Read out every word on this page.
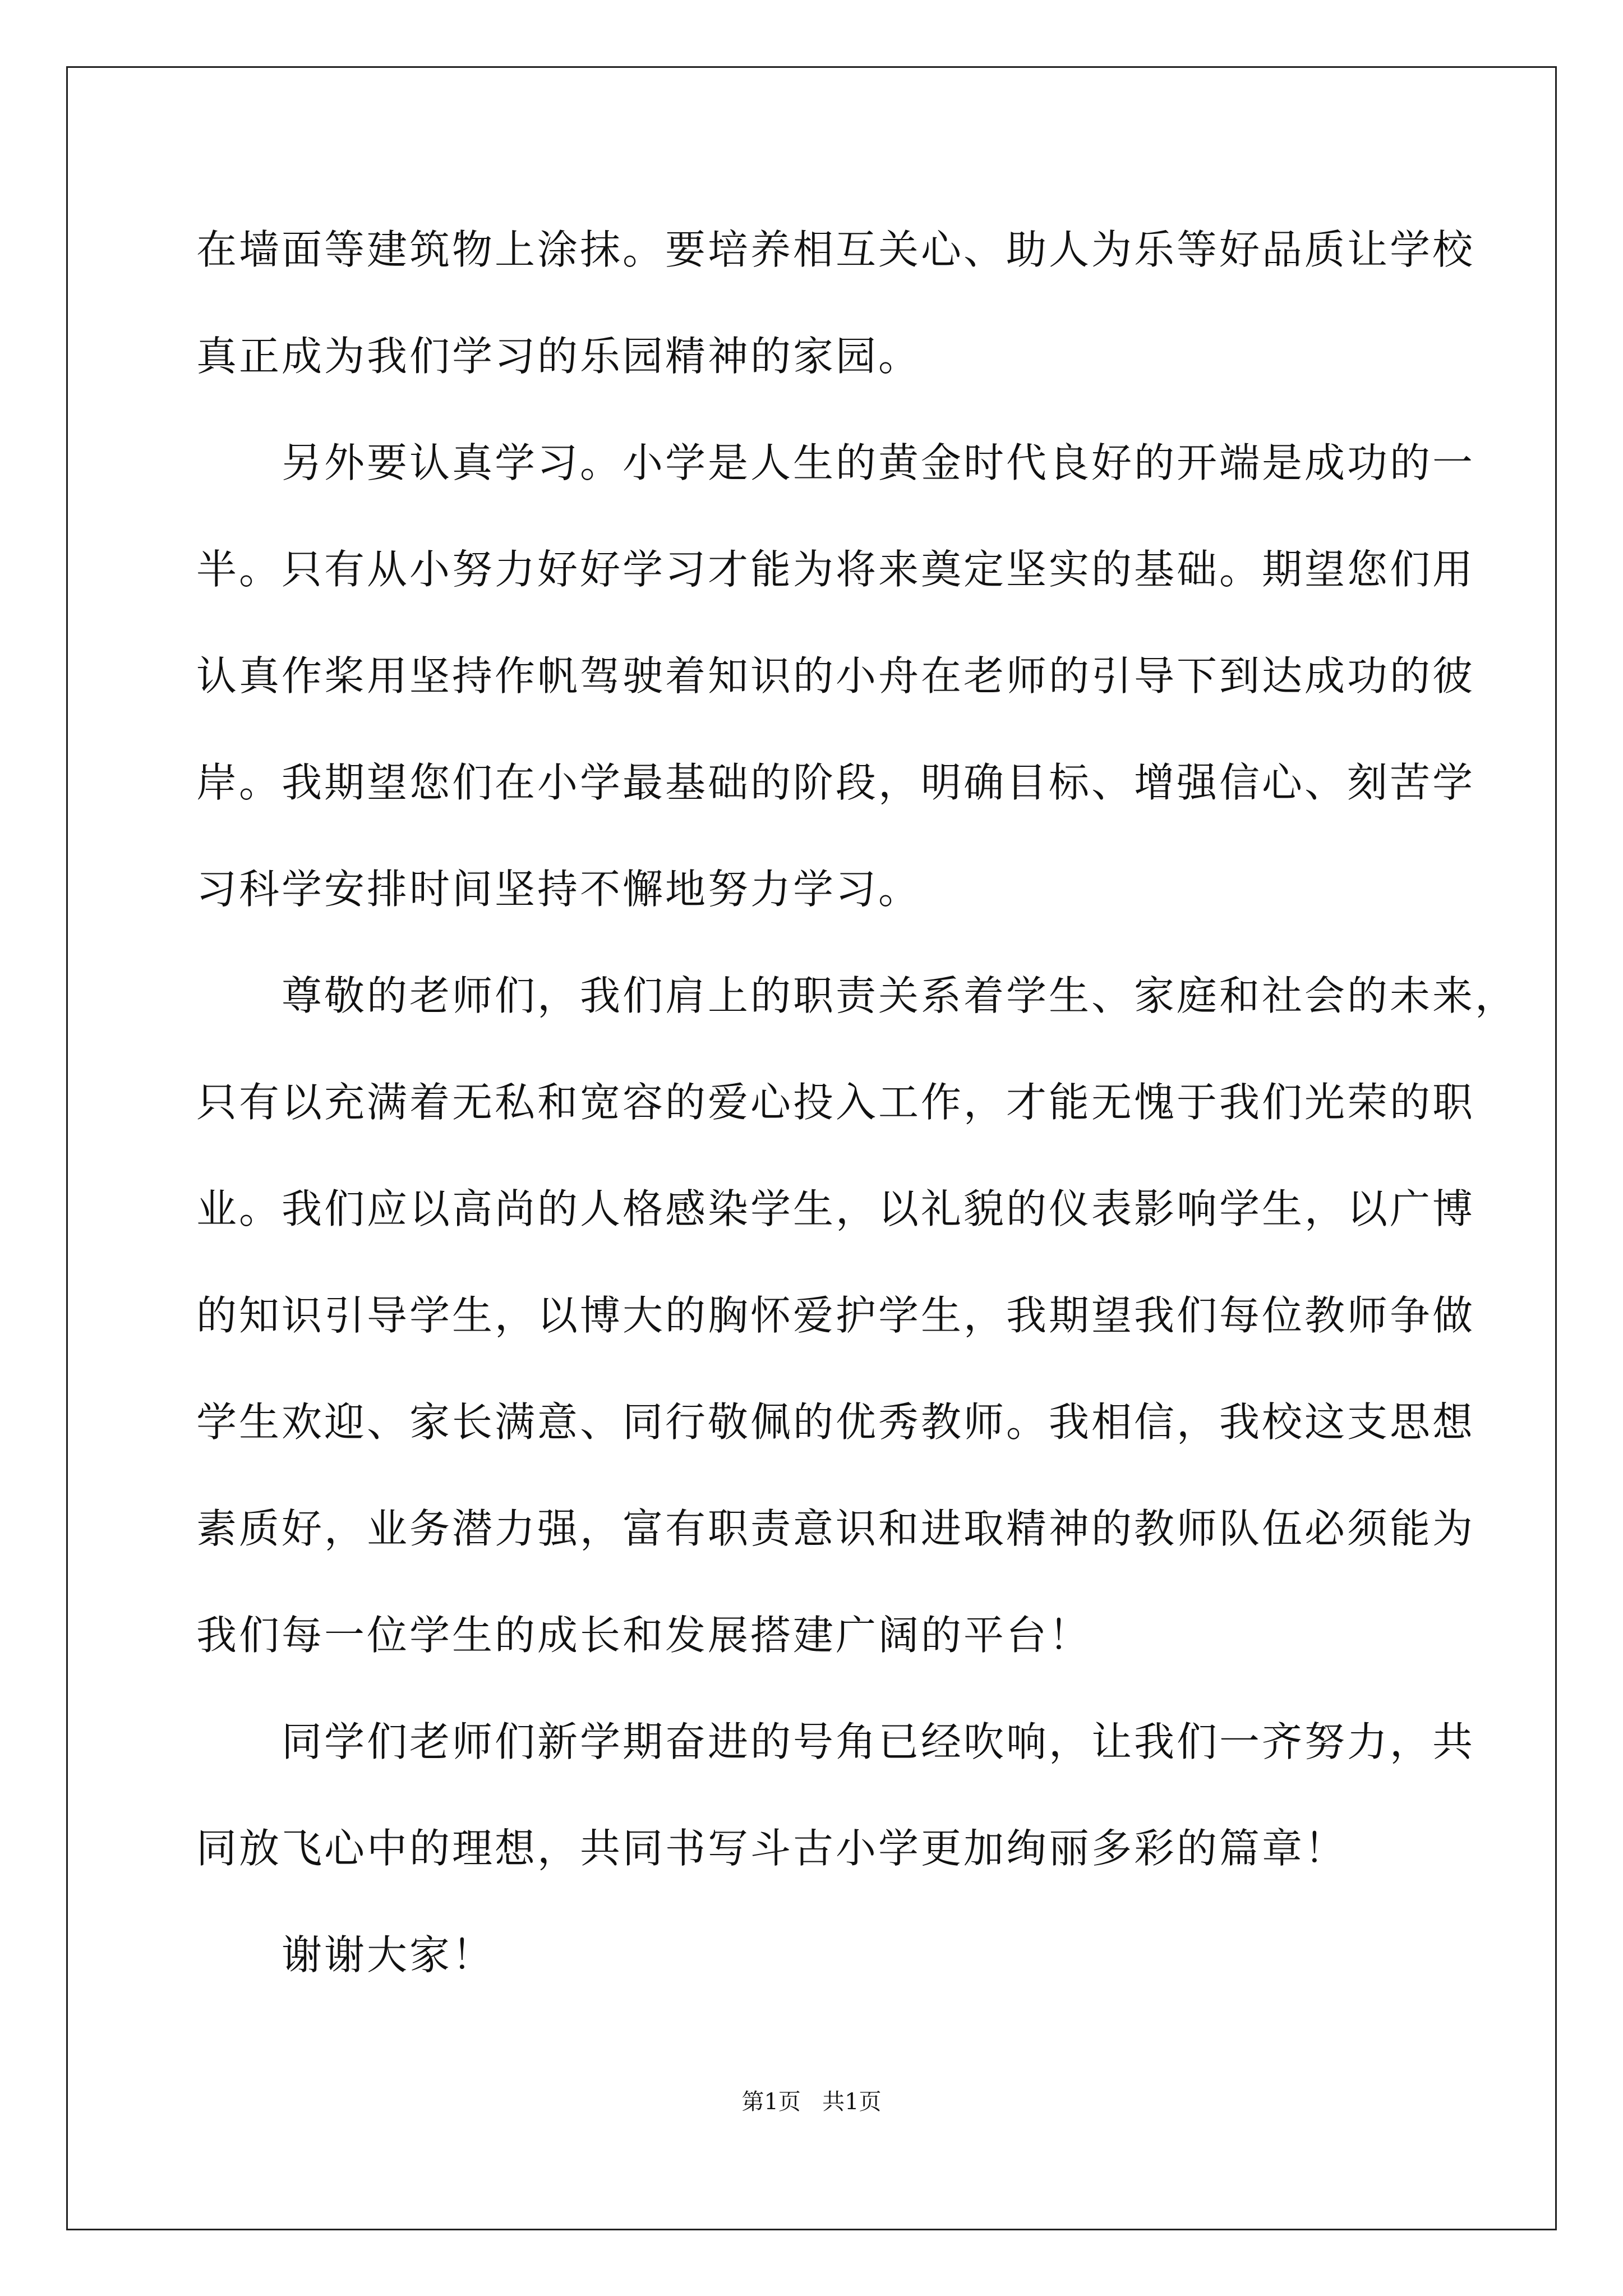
在墙面等建筑物上涂抹。要培养相互关心、助人为乐等好品质让学校
真正成为我们学习的乐园精神的家园。
另外要认真学习。小学是人生的黄金时代良好的开端是成功的一
半。只有从小努力好好学习才能为将来奠定坚实的基础。期望您们用
认真作桨用坚持作帆驾驶着知识的小舟在老师的引导下到达成功的彼
岸。我期望您们在小学最基础的阶段，明确目标、增强信心、刻苦学
习科学安排时间坚持不懈地努力学习。
尊敬的老师们，我们肩上的职责关系着学生、家庭和社会的未来，
只有以充满着无私和宽容的爱心投入工作，才能无愧于我们光荣的职
业。我们应以高尚的人格感染学生，以礼貌的仪表影响学生，以广博
的知识引导学生，以博大的胸怀爱护学生，我期望我们每位教师争做
学生欢迎、家长满意、同行敬佩的优秀教师。我相信，我校这支思想
素质好，业务潜力强，富有职责意识和进取精神的教师队伍必须能为
我们每一位学生的成长和发展搭建广阔的平台！
同学们老师们新学期奋进的号角已经吹响，让我们一齐努力，共
同放飞心中的理想，共同书写斗古小学更加绚丽多彩的篇章！
谢谢大家！
第1页 共1页
